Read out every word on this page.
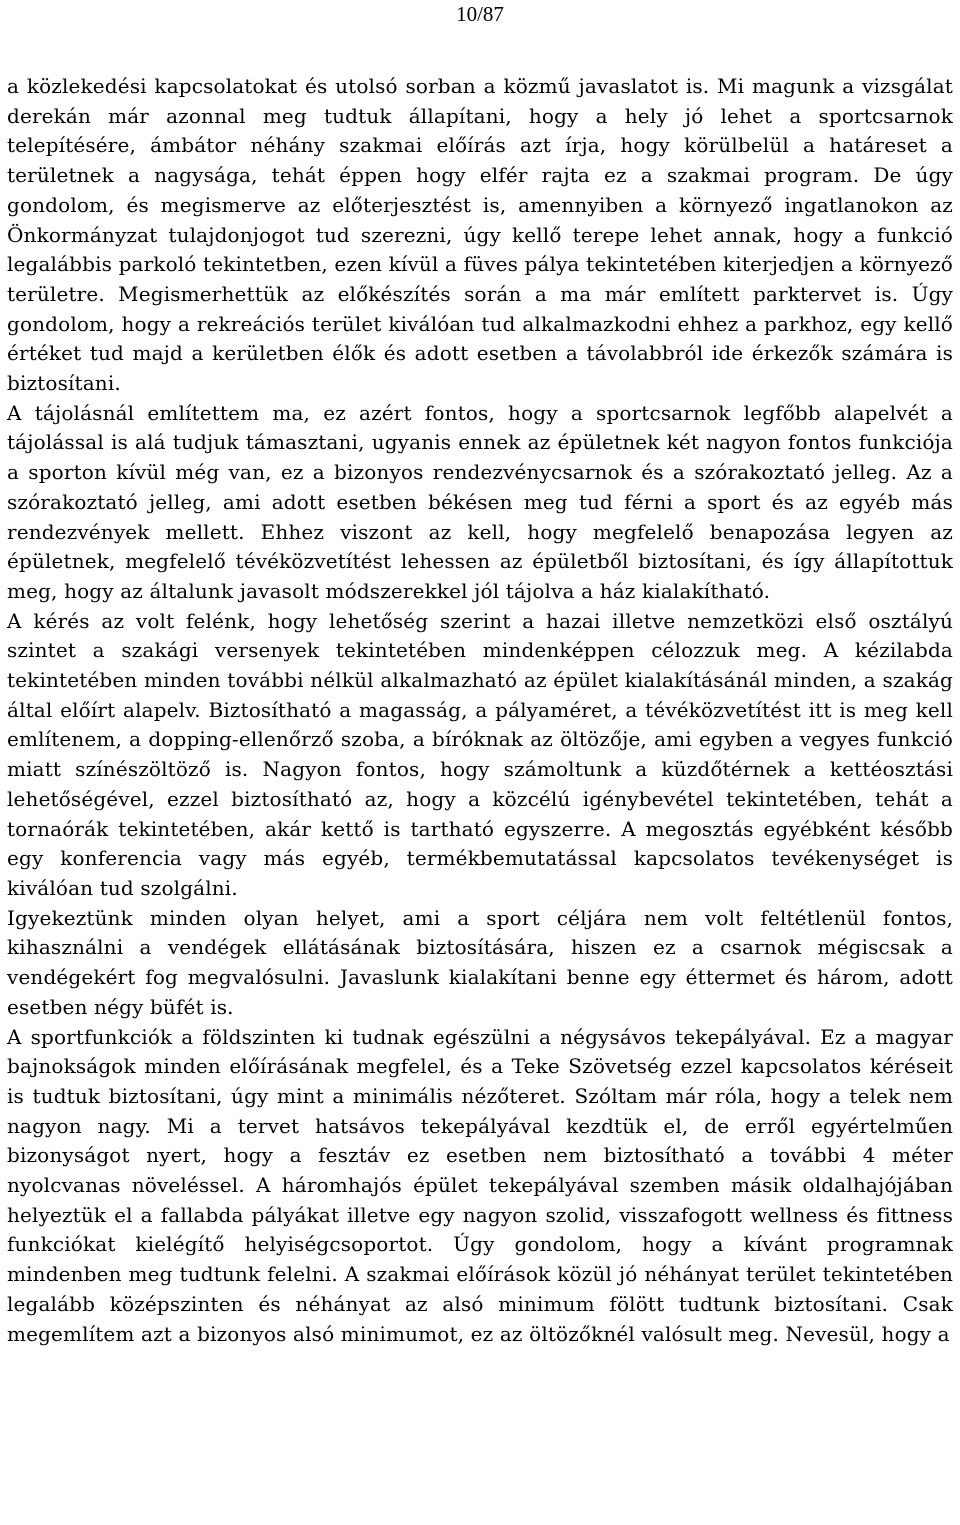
10/87

a közlekedési kapcsolatokat és utolsó sorban a közmű javaslatot is. Mi magunk a vizsgálat derekán már azonnal meg tudtuk állapítani, hogy a hely jó lehet a sportcsarnok telepítésére, ámbátor néhány szakmai előírás azt írja, hogy körülbelül a határeset a területnek a nagysága, tehát éppen hogy elfér rajta ez a szakmai program. De úgy gondolom, és megismerve az előterjesztést is, amennyiben a környező ingatlanokon az Önkormányzat tulajdonjogot tud szerezni, úgy kellő terepe lehet annak, hogy a funkció legalábbis parkoló tekintetben, ezen kívül a füves pálya tekintetében kiterjedjen a környező területre. Megismerhettük az előkészítés során a ma már említett parktervet is. Úgy gondolom, hogy a rekreációs terület kiválóan tud alkalmazkodni ehhez a parkhoz, egy kellő értéket tud majd a kerületben élők és adott esetben a távolabbról ide érkezők számára is biztosítani.

A tájolásnál említettem ma, ez azért fontos, hogy a sportcsarnok legfőbb alapelvét a tájolással is alá tudjuk támasztani, ugyanis ennek az épületnek két nagyon fontos funkciója a sporton kívül még van, ez a bizonyos rendezvénycsarnok és a szórakoztató jelleg. Az a szórakoztató jelleg, ami adott esetben békésen meg tud férni a sport és az egyéb más rendezvények mellett. Ehhez viszont az kell, hogy megfelelő benapozása legyen az épületnek, megfelelő tévéközvetítést lehessen az épületből biztosítani, és így állapítottuk meg, hogy az általunk javasolt módszerekkel jól tájolva a ház kialakítható.

A kérés az volt felénk, hogy lehetőség szerint a hazai illetve nemzetközi első osztályú szintet a szakági versenyek tekintetében mindenképpen célozzuk meg. A kézilabda tekintetében minden további nélkül alkalmazható az épület kialakításánál minden, a szakág által előírt alapelv. Biztosítható a magasság, a pályaméret, a tévéközvetítést itt is meg kell említenem, a dopping-ellenőrző szoba, a bíróknak az öltözője, ami egyben a vegyes funkció miatt színészöltöző is. Nagyon fontos, hogy számoltunk a küzdőtérnek a kettéosztási lehetőségével, ezzel biztosítható az, hogy a közcélú igénybevétel tekintetében, tehát a tornaórák tekintetében, akár kettő is tartható egyszerre. A megosztás egyébként később egy konferencia vagy más egyéb, termékbemutatással kapcsolatos tevékenységet is kiválóan tud szolgálni.

Igyekeztünk minden olyan helyet, ami a sport céljára nem volt feltétlenül fontos, kihasználni a vendégek ellátásának biztosítására, hiszen ez a csarnok mégiscsak a vendégekért fog megvalósulni. Javaslunk kialakítani benne egy éttermet és három, adott esetben négy büfét is.

A sportfunkciók a földszinten ki tudnak egészülni a négysávos tekepályával. Ez a magyar bajnokságok minden előírásának megfelel, és a Teke Szövetség ezzel kapcsolatos kéréseit is tudtuk biztosítani, úgy mint a minimális nézőteret. Szóltam már róla, hogy a telek nem nagyon nagy. Mi a tervet hatsávos tekepályával kezdtük el, de erről egyértelműen bizonyságot nyert, hogy a fesztáv ez esetben nem biztosítható a további 4 méter nyolcvanas növeléssel. A háromhajós épület tekepályával szemben másik oldalhajójában helyeztük el a fallabda pályákat illetve egy nagyon szolid, visszafogott wellness és fittness funkciókat kielégítő helyiségcsoportot. Úgy gondolom, hogy a kívánt programnak mindenben meg tudtunk felelni. A szakmai előírások közül jó néhányat terület tekintetében legalább középszinten és néhányat az alsó minimum fölött tudtunk biztosítani. Csak megemlítem azt a bizonyos alsó minimumot, ez az öltözőknél valósult meg. Nevesül, hogy a
